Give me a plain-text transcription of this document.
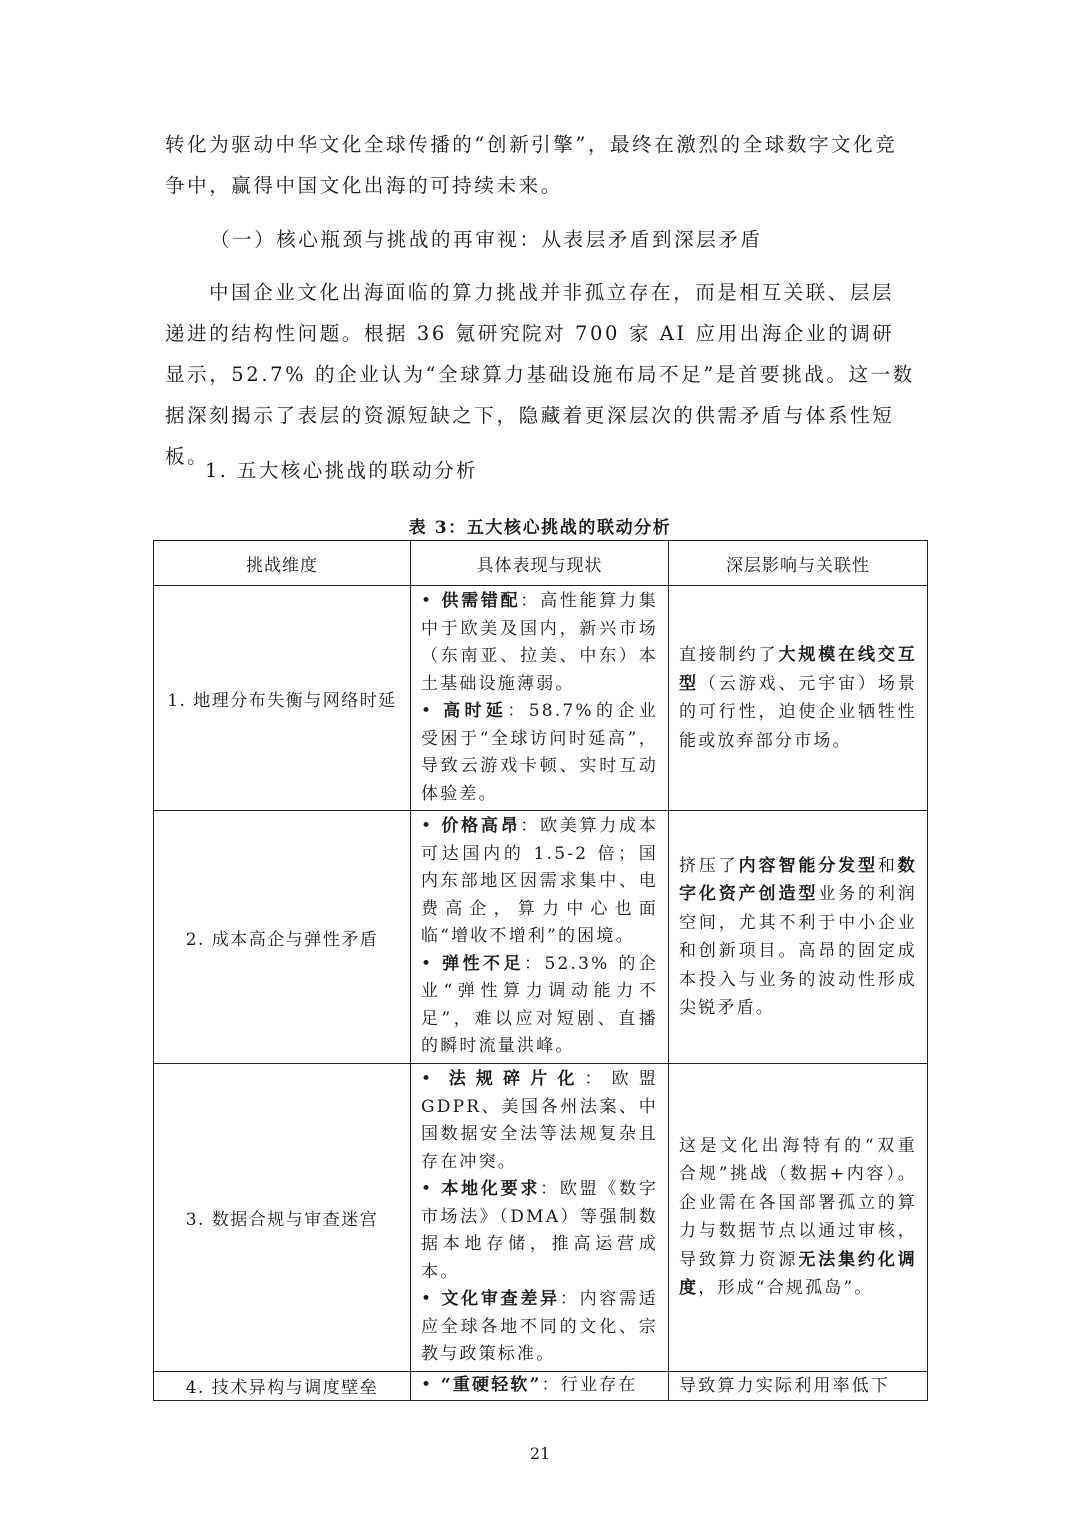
转化为驱动中华文化全球传播的“创新引擎”，最终在激烈的全球数字文化竞争中，赢得中国文化出海的可持续未来。

（一）核心瓶颈与挑战的再审视：从表层矛盾到深层矛盾

中国企业文化出海面临的算力挑战并非孤立存在，而是相互关联、层层递进的结构性问题。根据 36 氪研究院对 700 家 AI 应用出海企业的调研显示，52.7% 的企业认为“全球算力基础设施布局不足”是首要挑战。这一数据深刻揭示了表层的资源短缺之下，隐藏着更深层次的供需矛盾与体系性短板。

1. 五大核心挑战的联动分析

表 3：五大核心挑战的联动分析

挑战维度	具体表现与现状	深层影响与关联性
1. 地理分布失衡与网络时延	• 供需错配：高性能算力集中于欧美及国内，新兴市场（东南亚、拉美、中东）本土基础设施薄弱。
• 高时延：58.7%的企业受困于“全球访问时延高”，导致云游戏卡顿、实时互动体验差。	直接制约了大规模在线交互型（云游戏、元宇宙）场景的可行性，迫使企业牺牲性能或放弃部分市场。
2. 成本高企与弹性矛盾	• 价格高昂：欧美算力成本可达国内的 1.5-2 倍；国内东部地区因需求集中、电费高企，算力中心也面临“增收不增利”的困境。
• 弹性不足：52.3% 的企业“弹性算力调动能力不足”，难以应对短剧、直播的瞬时流量洪峰。	挤压了内容智能分发型和数字化资产创造型业务的利润空间，尤其不利于中小企业和创新项目。高昂的固定成本投入与业务的波动性形成尖锐矛盾。
3. 数据合规与审查迷宫	• 法规碎片化：欧盟 GDPR、美国各州法案、中国数据安全法等法规复杂且存在冲突。
• 本地化要求：欧盟《数字市场法》（DMA）等强制数据本地存储，推高运营成本。
• 文化审查差异：内容需适应全球各地不同的文化、宗教与政策标准。	这是文化出海特有的“双重合规”挑战（数据+内容）。企业需在各国部署孤立的算力与数据节点以通过审核，导致算力资源无法集约化调度，形成“合规孤岛”。
4. 技术异构与调度壁垒	• “重硬轻软”：行业存在	导致算力实际利用率低下

21
